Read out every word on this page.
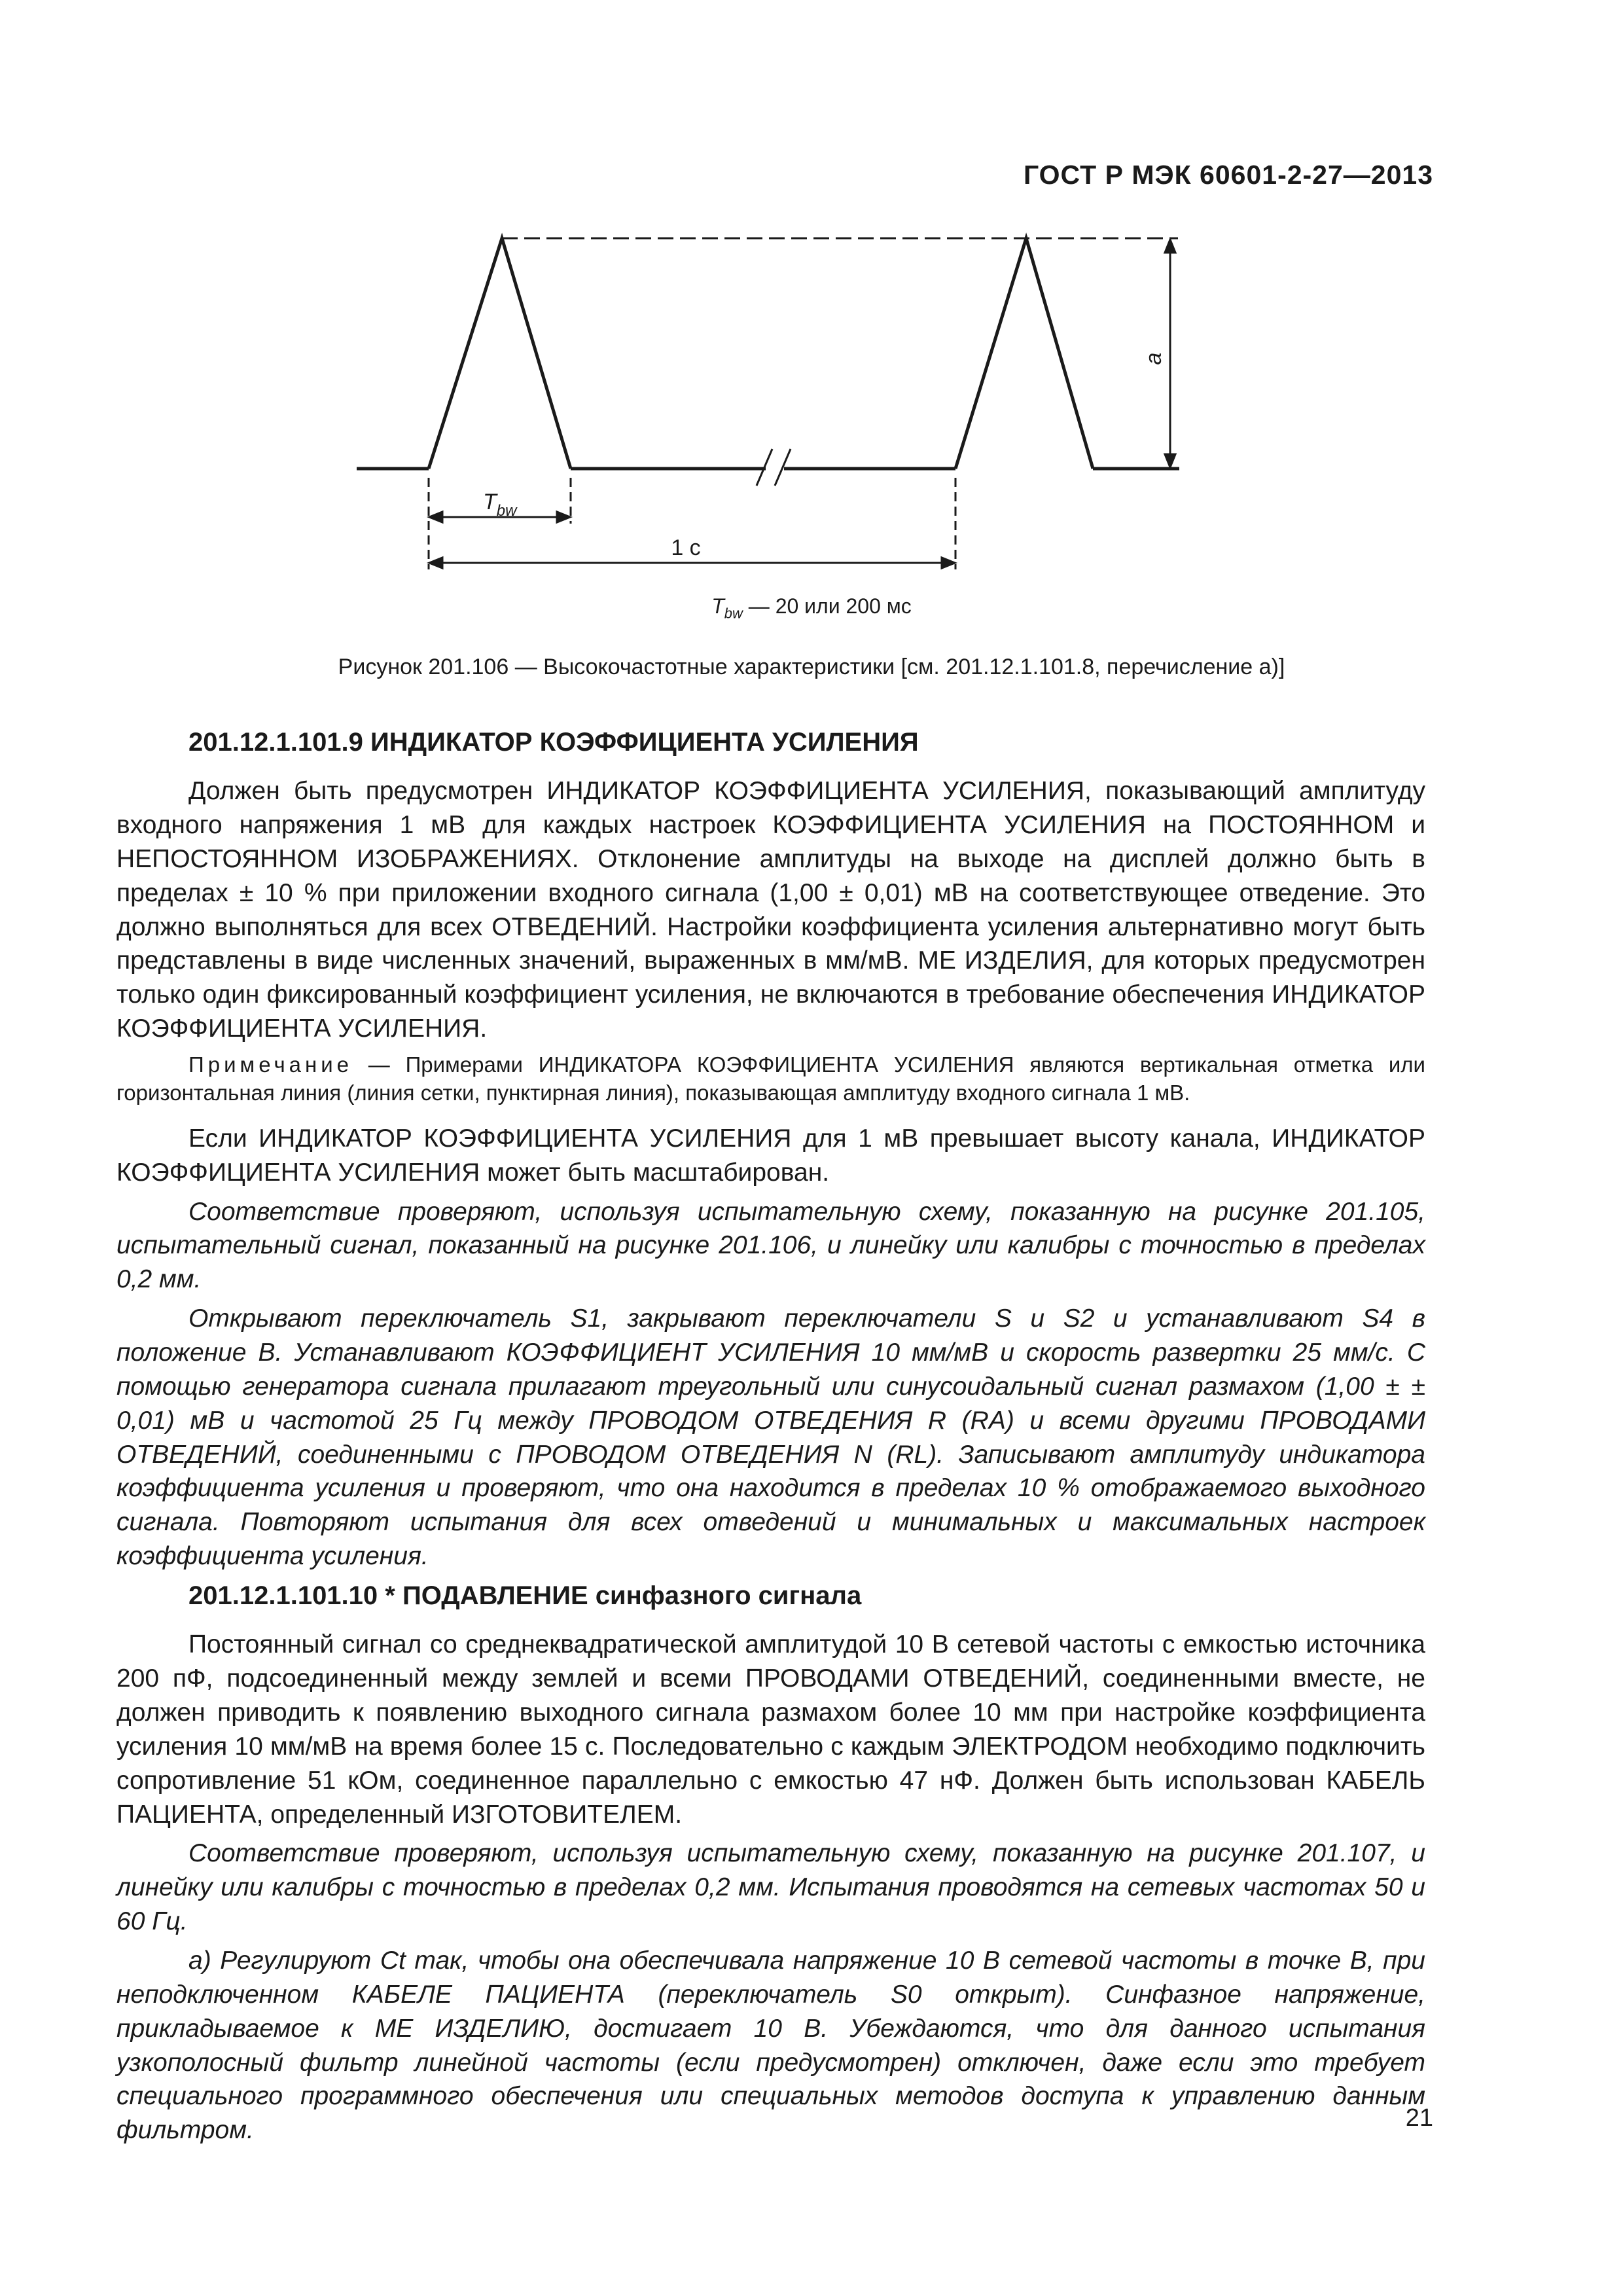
ГОСТ Р МЭК 60601-2-27—2013
a
$T_{bw}$
1 с
$T_{bw}$ — 20 или 200 мс
Рисунок 201.106 — Высокочастотные характеристики [см. 201.12.1.101.8, перечисление а)]
201.12.1.101.9 ИНДИКАТОР КОЭФФИЦИЕНТА УСИЛЕНИЯ

Должен быть предусмотрен ИНДИКАТОР КОЭФФИЦИЕНТА УСИЛЕНИЯ, показывающий амплитуду входного напряжения 1 мВ для каждых настроек КОЭФФИЦИЕНТА УСИЛЕНИЯ на ПОСТОЯННОМ и НЕПОСТОЯННОМ ИЗОБРАЖЕНИЯХ. Отклонение амплитуды на выходе на дисплей должно быть в пределах ± 10 % при приложении входного сигнала (1,00 ± 0,01) мВ на соответствующее отведение. Это должно выполняться для всех ОТВЕДЕНИЙ. Настройки коэффициента усиления альтернативно могут быть представлены в виде численных значений, выраженных в мм/мВ. МЕ ИЗДЕЛИЯ, для которых предусмотрен только один фиксированный коэффициент усиления, не включаются в требование обеспечения ИНДИКАТОР КОЭФФИЦИЕНТА УСИЛЕНИЯ.

Примечание — Примерами ИНДИКАТОРА КОЭФФИЦИЕНТА УСИЛЕНИЯ являются вертикальная отметка или горизонтальная линия (линия сетки, пунктирная линия), показывающая амплитуду входного сигнала 1 мВ.

Если ИНДИКАТОР КОЭФФИЦИЕНТА УСИЛЕНИЯ для 1 мВ превышает высоту канала, ИНДИКАТОР КОЭФФИЦИЕНТА УСИЛЕНИЯ может быть масштабирован.

Соответствие проверяют, используя испытательную схему, показанную на рисунке 201.105, испытательный сигнал, показанный на рисунке 201.106, и линейку или калибры с точностью в пределах 0,2 мм.

Открывают переключатель S1, закрывают переключатели S и S2 и устанавливают S4 в положение В. Устанавливают КОЭФФИЦИЕНТ УСИЛЕНИЯ 10 мм/мВ и скорость развертки 25 мм/с. С помощью генератора сигнала прилагают треугольный или синусоидальный сигнал размахом (1,00 ± ± 0,01) мВ и частотой 25 Гц между ПРОВОДОМ ОТВЕДЕНИЯ R (RA) и всеми другими ПРОВОДАМИ ОТВЕДЕНИЙ, соединенными с ПРОВОДОМ ОТВЕДЕНИЯ N (RL). Записывают амплитуду индикатора коэффициента усиления и проверяют, что она находится в пределах 10 % отображаемого выходного сигнала. Повторяют испытания для всех отведений и минимальных и максимальных настроек коэффициента усиления.

201.12.1.101.10 * ПОДАВЛЕНИЕ синфазного сигнала

Постоянный сигнал со среднеквадратической амплитудой 10 В сетевой частоты с емкостью источника 200 пФ, подсоединенный между землей и всеми ПРОВОДАМИ ОТВЕДЕНИЙ, соединенными вместе, не должен приводить к появлению выходного сигнала размахом более 10 мм при настройке коэффициента усиления 10 мм/мВ на время более 15 с. Последовательно с каждым ЭЛЕКТРОДОМ необходимо подключить сопротивление 51 кОм, соединенное параллельно с емкостью 47 нФ. Должен быть использован КАБЕЛЬ ПАЦИЕНТА, определенный ИЗГОТОВИТЕЛЕМ.

Соответствие проверяют, используя испытательную схему, показанную на рисунке 201.107, и линейку или калибры с точностью в пределах 0,2 мм. Испытания проводятся на сетевых частотах 50 и 60 Гц.

а) Регулируют Ct так, чтобы она обеспечивала напряжение 10 В сетевой частоты в точке В, при неподключенном КАБЕЛЕ ПАЦИЕНТА (переключатель S0 открыт). Синфазное напряжение, прикладываемое к МЕ ИЗДЕЛИЮ, достигает 10 В. Убеждаются, что для данного испытания узкополосный фильтр линейной частоты (если предусмотрен) отключен, даже если это требует специального программного обеспечения или специальных методов доступа к управлению данным фильтром.	21
